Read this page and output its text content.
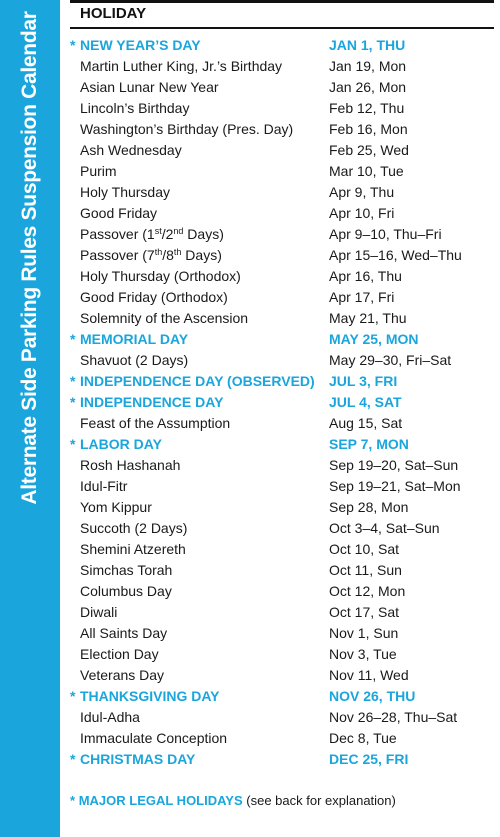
Alternate Side Parking Rules Suspension Calendar	HOLIDAY
* NEW YEAR’S DAY	JAN 1, THU
Martin Luther King, Jr.’s Birthday	Jan 19, Mon
Asian Lunar New Year	Jan 26, Mon
Lincoln’s Birthday	Feb 12, Thu
Washington’s Birthday (Pres. Day)	Feb 16, Mon
Ash Wednesday	Feb 25, Wed
Purim	Mar 10, Tue
Holy Thursday	Apr 9, Thu
Good Friday	Apr 10, Fri
Passover (1st/2nd Days)	Apr 9–10, Thu–Fri
Passover (7th/8th Days)	Apr 15–16, Wed–Thu
Holy Thursday (Orthodox)	Apr 16, Thu
Good Friday (Orthodox)	Apr 17, Fri
Solemnity of the Ascension	May 21, Thu
* MEMORIAL DAY	MAY 25, MON
Shavuot (2 Days)	May 29–30, Fri–Sat
* INDEPENDENCE DAY (OBSERVED) JUL 3, FRI
* INDEPENDENCE DAY	JUL 4, SAT
Feast of the Assumption	Aug 15, Sat
* LABOR DAY	SEP 7, MON
Rosh Hashanah	Sep 19–20, Sat–Sun
Idul-Fitr	Sep 19–21, Sat–Mon
Yom Kippur	Sep 28, Mon
Succoth (2 Days)	Oct 3–4, Sat–Sun
Shemini Atzereth	Oct 10, Sat
Simchas Torah	Oct 11, Sun
Columbus Day	Oct 12, Mon
Diwali	Oct 17, Sat
All Saints Day	Nov 1, Sun
Election Day	Nov 3, Tue
Veterans Day	Nov 11, Wed
* THANKSGIVING DAY	NOV 26, THU
Idul-Adha	Nov 26–28, Thu–Sat
Immaculate Conception	Dec 8, Tue
* CHRISTMAS DAY	DEC 25, FRI
* MAJOR LEGAL HOLIDAYS (see back for explanation)
